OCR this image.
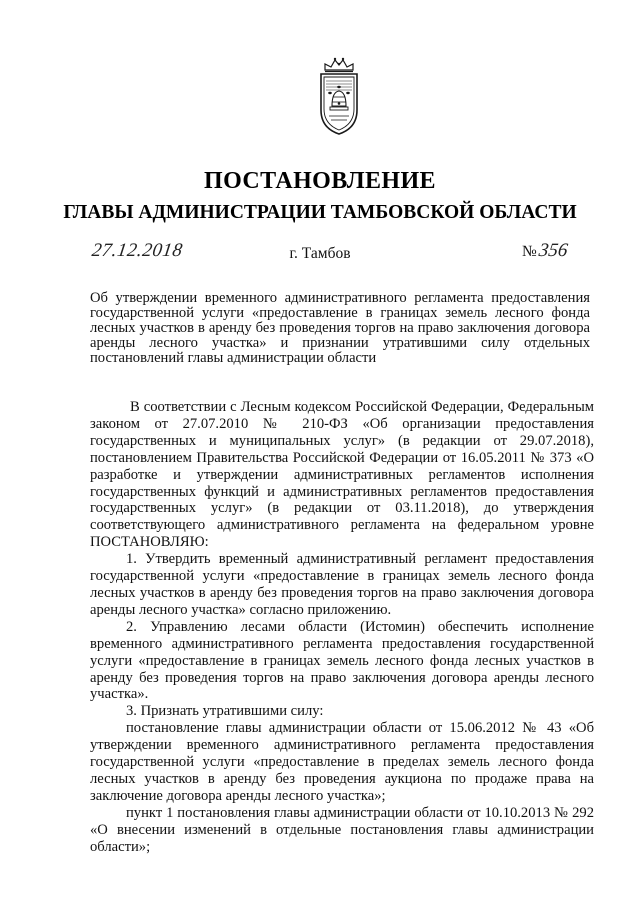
ПОСТАНОВЛЕНИЕ
ГЛАВЫ АДМИНИСТРАЦИИ ТАМБОВСКОЙ ОБЛАСТИ
27.12.2018	г. Тамбов	№356
Об утверждении временного административного регламента предоставления государственной услуги «предоставление в границах земель лесного фонда лесных участков в аренду без проведения торгов на право заключения договора аренды лесного участка» и признании утратившими силу отдельных постановлений главы администрации области

В соответствии с Лесным кодексом Российской Федерации, Федеральным законом от 27.07.2010 № 210-ФЗ «Об организации предоставления государственных и муниципальных услуг» (в редакции от 29.07.2018), постановлением Правительства Российской Федерации от 16.05.2011 № 373 «О разработке и утверждении административных регламентов исполнения государственных функций и административных регламентов предоставления государственных услуг» (в редакции от 03.11.2018), до утверждения соответствующего административного регламента на федеральном уровне ПОСТАНОВЛЯЮ:

1. Утвердить временный административный регламент предоставления государственной услуги «предоставление в границах земель лесного фонда лесных участков в аренду без проведения торгов на право заключения договора аренды лесного участка» согласно приложению.

2. Управлению лесами области (Истомин) обеспечить исполнение временного административного регламента предоставления государственной услуги «предоставление в границах земель лесного фонда лесных участков в аренду без проведения торгов на право заключения договора аренды лесного участка».

3. Признать утратившими силу:

постановление главы администрации области от 15.06.2012 № 43 «Об утверждении временного административного регламента предоставления государственной услуги «предоставление в пределах земель лесного фонда лесных участков в аренду без проведения аукциона по продаже права на заключение договора аренды лесного участка»;

пункт 1 постановления главы администрации области от 10.10.2013 № 292 «О внесении изменений в отдельные постановления главы администрации области»;
